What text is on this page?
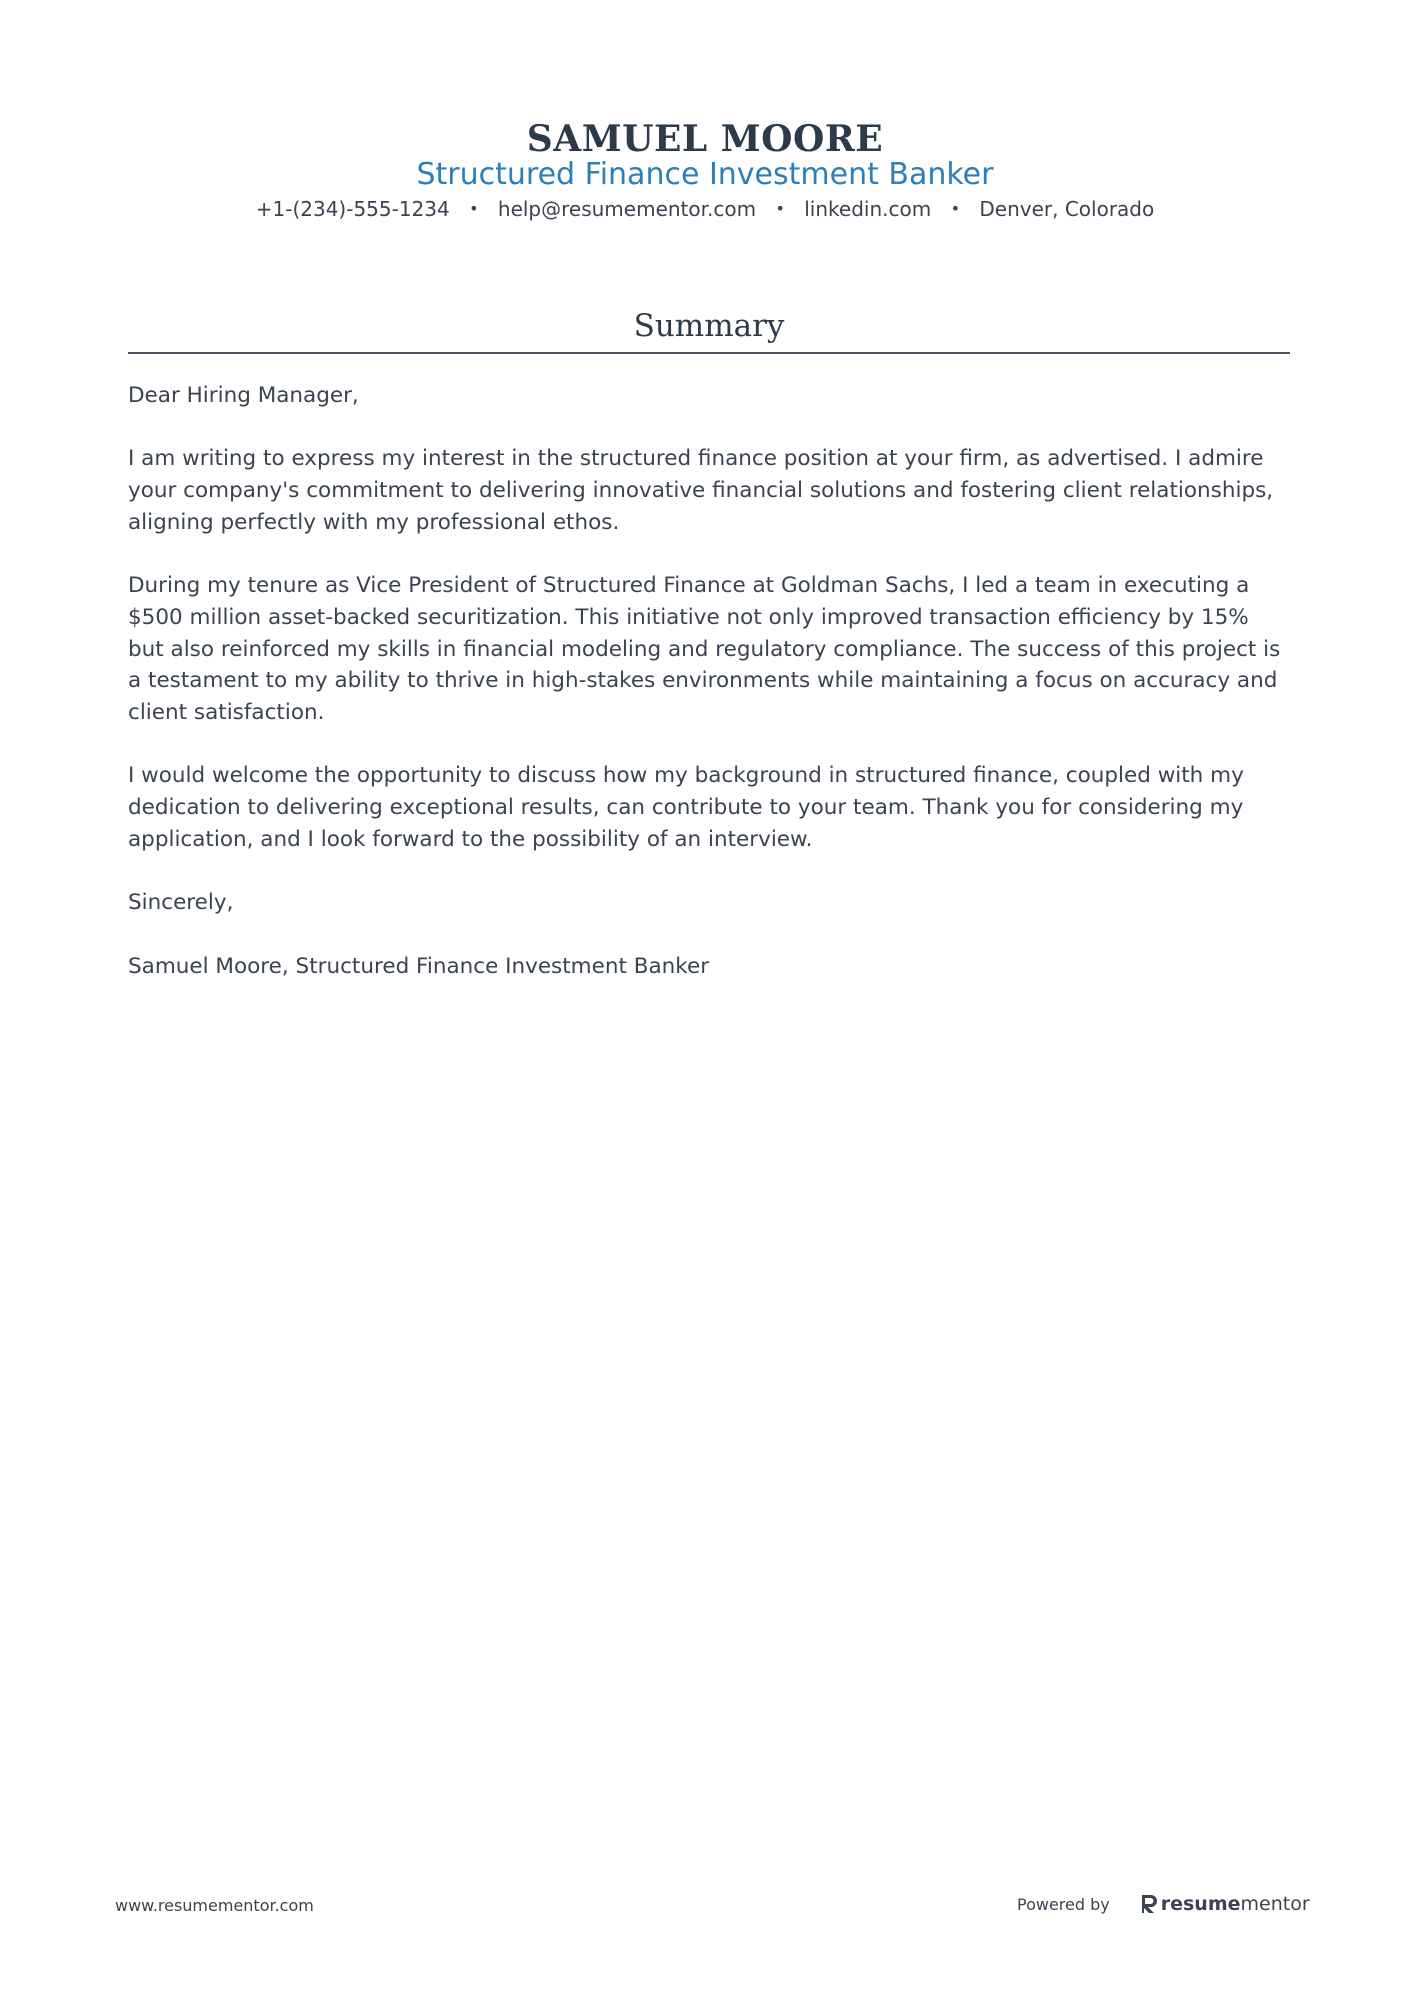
SAMUEL MOORE
Structured Finance Investment Banker
+1-(234)-555-1234 • help@resumementor.com • linkedin.com • Denver, Colorado
Summary

Dear Hiring Manager,

I am writing to express my interest in the structured finance position at your firm, as advertised. I admire your company's commitment to delivering innovative financial solutions and fostering client relationships, aligning perfectly with my professional ethos.

During my tenure as Vice President of Structured Finance at Goldman Sachs, I led a team in executing a $500 million asset-backed securitization. This initiative not only improved transaction efficiency by 15% but also reinforced my skills in financial modeling and regulatory compliance. The success of this project is a testament to my ability to thrive in high-stakes environments while maintaining a focus on accuracy and client satisfaction.

I would welcome the opportunity to discuss how my background in structured finance, coupled with my dedication to delivering exceptional results, can contribute to your team. Thank you for considering my application, and I look forward to the possibility of an interview.

Sincerely,

Samuel Moore, Structured Finance Investment Banker

www.resumementor.com	Powered by	resume mentor
